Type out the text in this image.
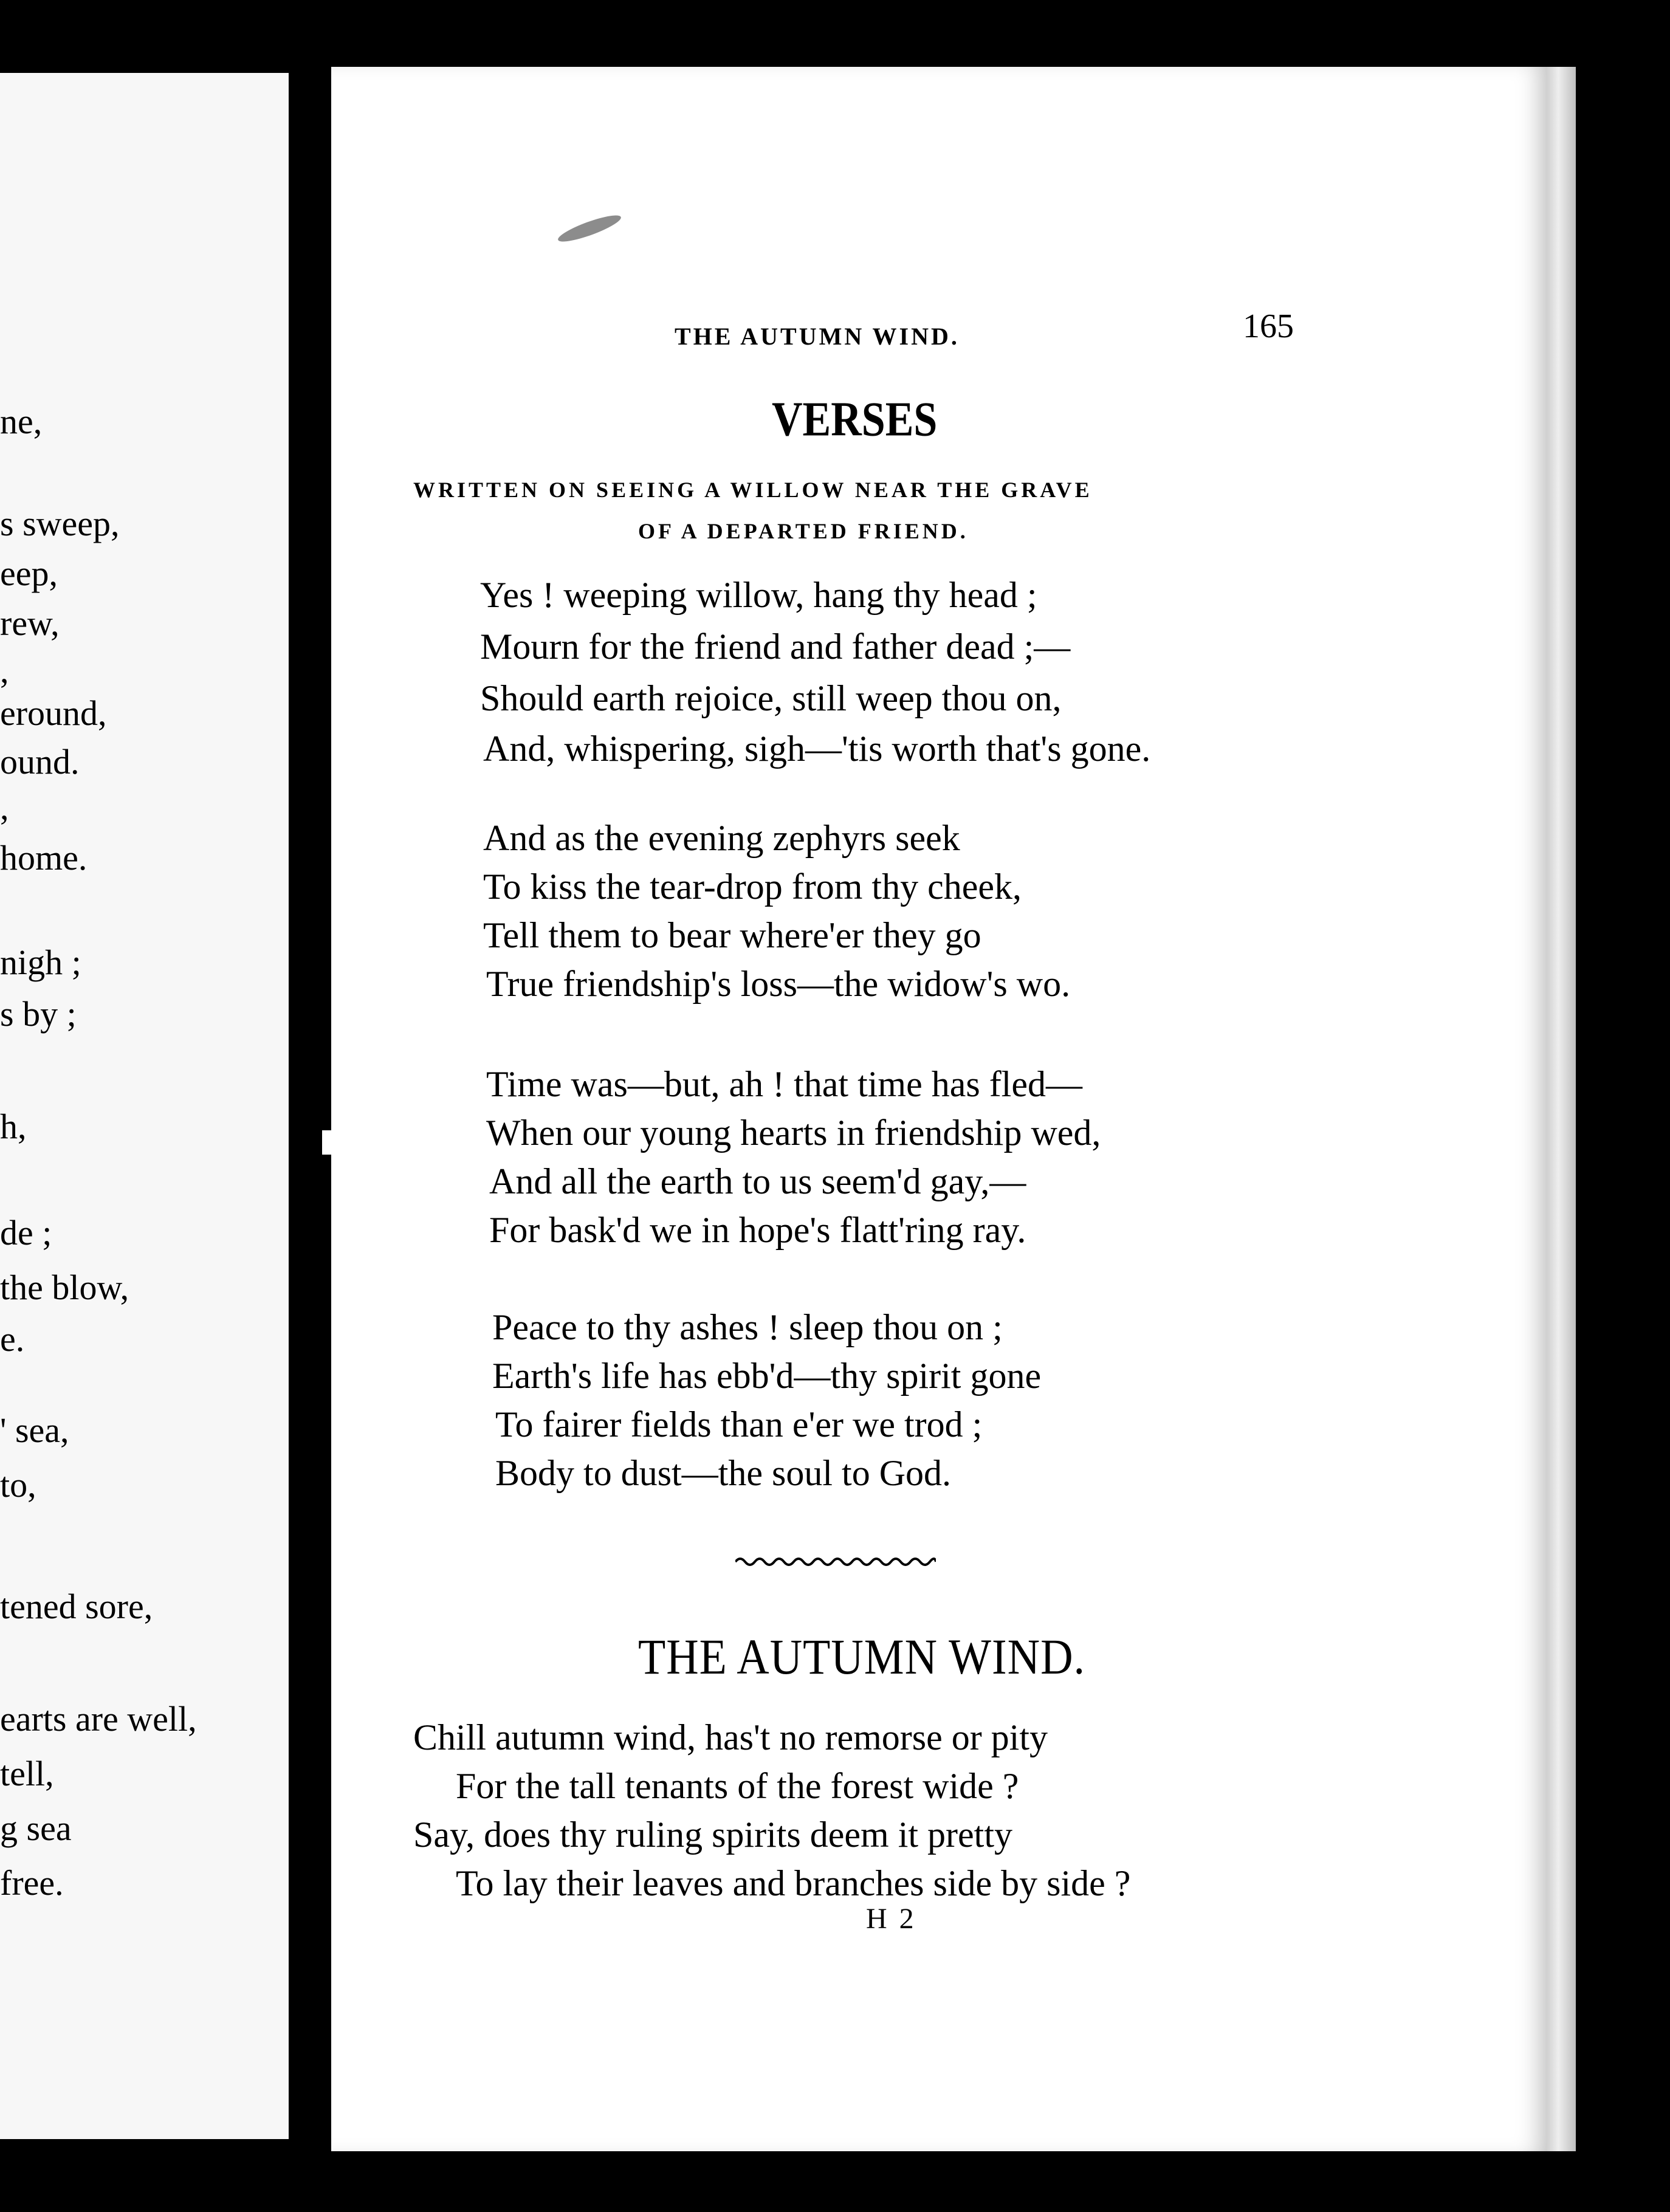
ne,
s sweep,
eep,
rew,
,
eround,
ound.
,
home.
nigh ;
s by ;
h,
de ;
the blow,
e.
' sea,
to,
tened sore,
earts are well,
tell,
g sea
free.
THE AUTUMN WIND.	165
VERSES
WRITTEN ON SEEING A WILLOW NEAR THE GRAVE
OF A DEPARTED FRIEND.
Yes ! weeping willow, hang thy head ;
Mourn for the friend and father dead ;—
Should earth rejoice, still weep thou on,
And, whispering, sigh—'tis worth that's gone.
And as the evening zephyrs seek
To kiss the tear-drop from thy cheek,
Tell them to bear where'er they go
True friendship's loss—the widow's wo.
Time was—but, ah ! that time has fled—
When our young hearts in friendship wed,
And all the earth to us seem'd gay,—
For bask'd we in hope's flatt'ring ray.
Peace to thy ashes ! sleep thou on ;
Earth's life has ebb'd—thy spirit gone
To fairer fields than e'er we trod ;
Body to dust—the soul to God.
THE AUTUMN WIND.
Chill autumn wind, has't no remorse or pity
For the tall tenants of the forest wide ?
Say, does thy ruling spirits deem it pretty
To lay their leaves and branches side by side ?
H 2
